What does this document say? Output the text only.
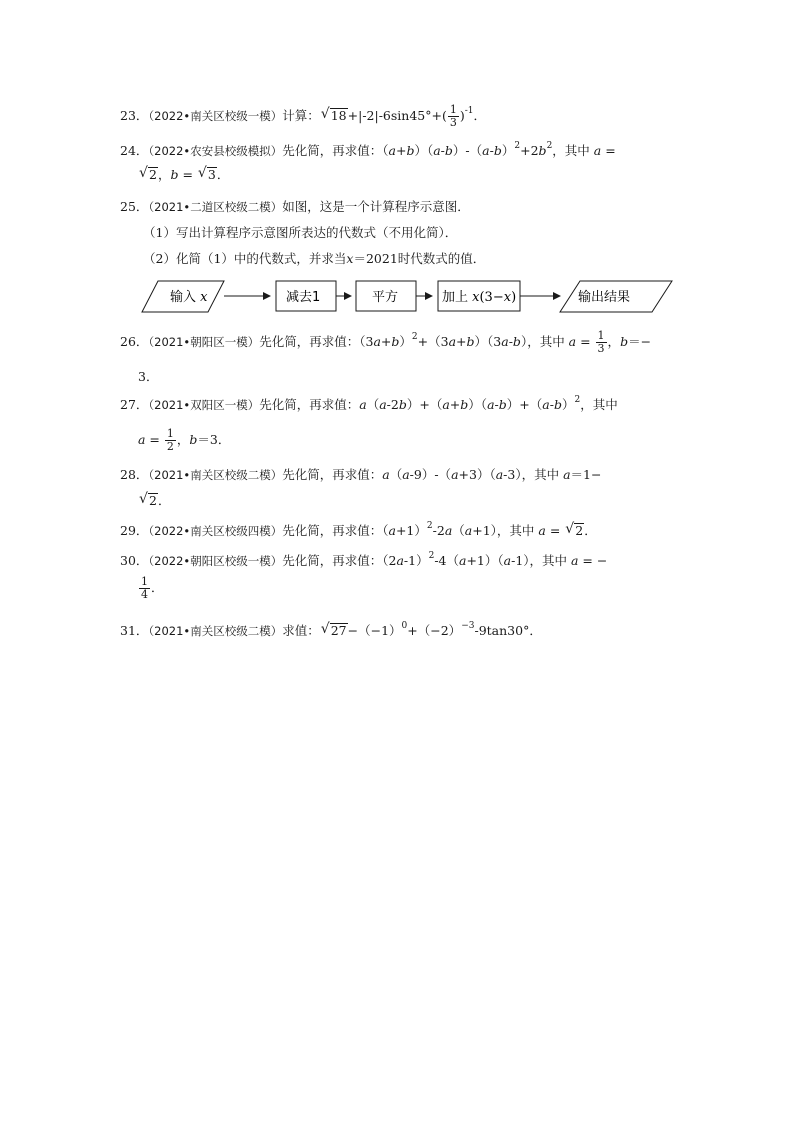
23．（2022•南关区校级一模）计算： √ $18+|-2|-6\sin 45^\circ+( \frac{1}{3} )^{-1}$．
24．（2022•农安县校级模拟）先化简，再求值：$(a+b)(a-b)-(a-b)^2+2b^2$，其中 a =
√ 2，b = √ 3．
25．（2021•二道区校级二模）如图，这是一个计算程序示意图．
（1）写出计算程序示意图所表达的代数式（不用化简）．
（2）化简（1）中的代数式，并求当x＝2021时代数式的值．
输入 x	减去1	平方	加上 x(3−x)	输出结果
26．（2021•朝阳区一模）先化简，再求值：$(3a+b)^2+(3a+b)(3a-b)$，其中 $a = \frac{1}{3}$ ，b＝−
3．
27．（2021•双阳区一模）先化简，再求值：$a(a-2b)+(a+b)(a-b)+(a-b)^2$，其中
$a = \frac{1}{2}$ ，b＝3．
28．（2021•南关区校级二模）先化简，再求值：a（a-9）-（a+3）（a-3），其中 a＝1−
√ 2．
29．（2022•南关区校级四模）先化简，再求值：$(a+1)^2-2a(a+1)$，其中 a = √ 2．
30．（2022•朝阳区校级一模）先化简，再求值：$(2a-1)^2-4(a+1)(a-1)$，其中 a = −
$\frac{1}{4}$ ．
31．（2021•南关区校级二模）求值： √ $27-(-1)^0+(-2)^{-3}-9\tan 30^\circ$．
